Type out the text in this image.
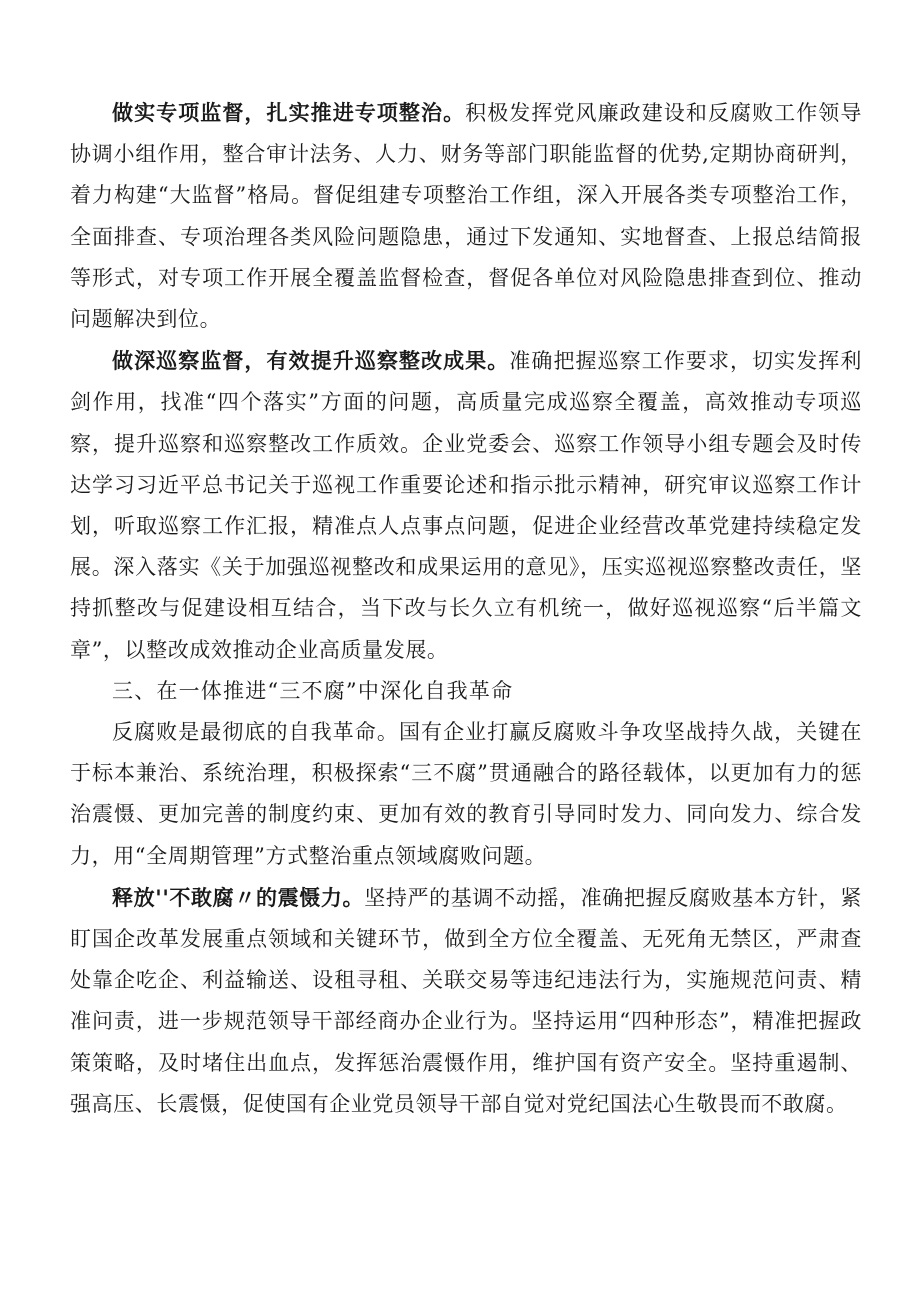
做实专项监督，扎实推进专项整治。积极发挥党风廉政建设和反腐败工作领导协调小组作用，整合审计法务、人力、财务等部门职能监督的优势,定期协商研判，着力构建“大监督”格局。督促组建专项整治工作组，深入开展各类专项整治工作，全面排查、专项治理各类风险问题隐患，通过下发通知、实地督查、上报总结简报等形式，对专项工作开展全覆盖监督检查，督促各单位对风险隐患排查到位、推动问题解决到位。

做深巡察监督，有效提升巡察整改成果。准确把握巡察工作要求，切实发挥利剑作用，找准“四个落实”方面的问题，高质量完成巡察全覆盖，高效推动专项巡察，提升巡察和巡察整改工作质效。企业党委会、巡察工作领导小组专题会及时传达学习习近平总书记关于巡视工作重要论述和指示批示精神，研究审议巡察工作计划，听取巡察工作汇报，精准点人点事点问题，促进企业经营改革党建持续稳定发展。深入落实《关于加强巡视整改和成果运用的意见》，压实巡视巡察整改责任，坚持抓整改与促建设相互结合，当下改与长久立有机统一，做好巡视巡察“后半篇文章”，以整改成效推动企业高质量发展。

三、在一体推进“三不腐”中深化自我革命

反腐败是最彻底的自我革命。国有企业打赢反腐败斗争攻坚战持久战，关键在于标本兼治、系统治理，积极探索“三不腐”贯通融合的路径载体，以更加有力的惩治震慑、更加完善的制度约束、更加有效的教育引导同时发力、同向发力、综合发力，用“全周期管理”方式整治重点领域腐败问题。

释放''不敢腐〃的震慑力。坚持严的基调不动摇，准确把握反腐败基本方针，紧盯国企改革发展重点领域和关键环节，做到全方位全覆盖、无死角无禁区，严肃查处靠企吃企、利益输送、设租寻租、关联交易等违纪违法行为，实施规范问责、精准问责，进一步规范领导干部经商办企业行为。坚持运用“四种形态”，精准把握政策策略，及时堵住出血点，发挥惩治震慑作用，维护国有资产安全。坚持重遏制、强高压、长震慑，促使国有企业党员领导干部自觉对党纪国法心生敬畏而不敢腐。
